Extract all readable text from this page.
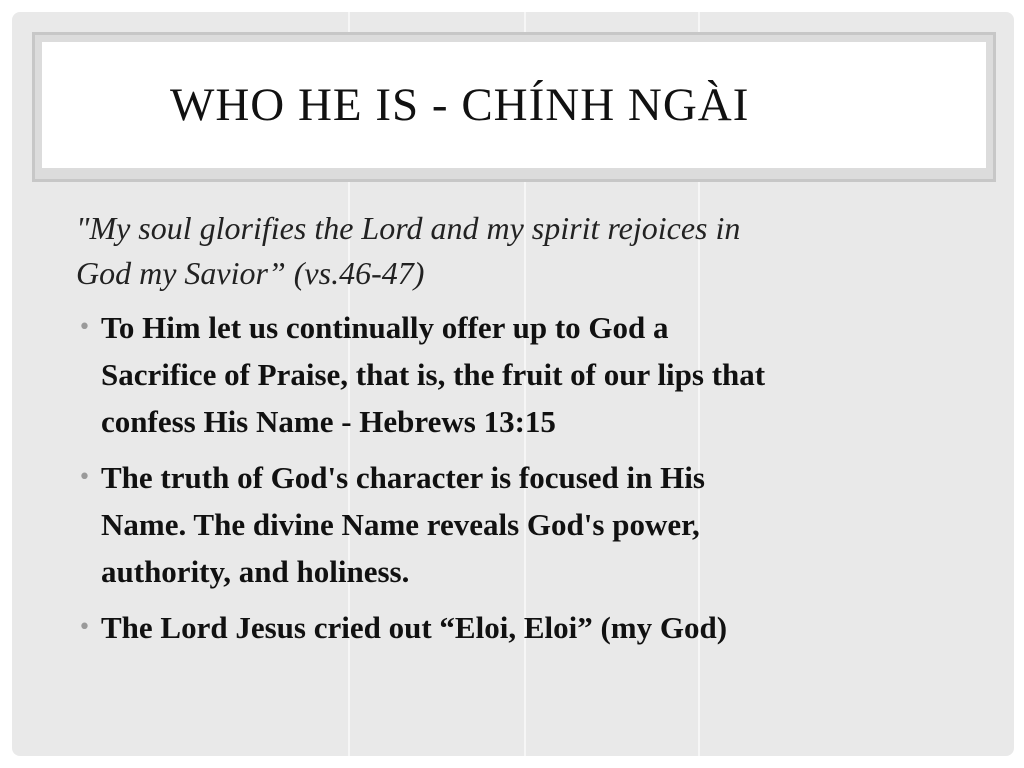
WHO HE IS - CHÍNH NGÀI
"My soul glorifies the Lord and my spirit rejoices in
God my Savior” (vs.46-47)
• To Him let us continually offer up to God a
Sacrifice of Praise, that is, the fruit of our lips that
confess His Name - Hebrews 13:15
• The truth of God's character is focused in His
Name. The divine Name reveals God's power,
authority, and holiness.
• The Lord Jesus cried out “Eloi, Eloi” (my God)
